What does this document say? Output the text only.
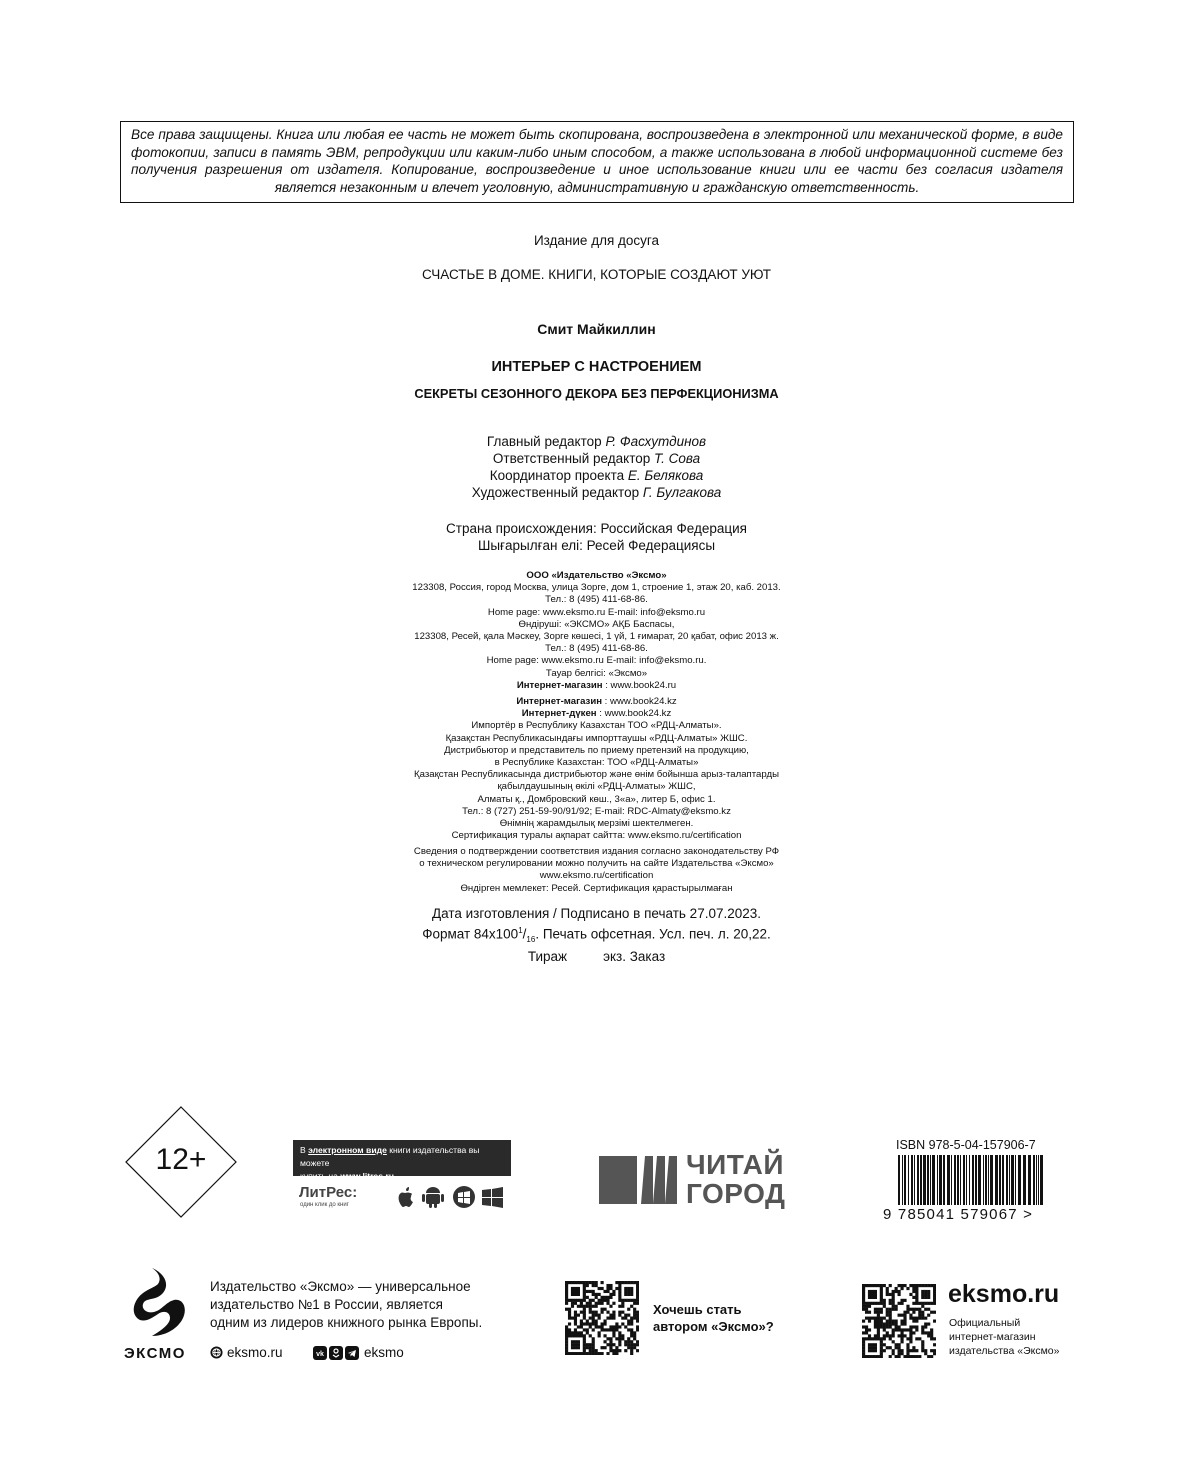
Все права защищены. Книга или любая ее часть не может быть скопирована, воспроизведена в электронной или механической форме, в виде фотокопии, записи в память ЭВМ, репродукции или каким-либо иным способом, а также использована в любой информационной системе без получения разрешения от издателя. Копирование, воспроизведение и иное использование книги или ее части без согласия издателя является незаконным и влечет уголовную, административную и гражданскую ответственность.
Издание для досуга
СЧАСТЬЕ В ДОМЕ. КНИГИ, КОТОРЫЕ СОЗДАЮТ УЮТ
Смит Майкиллин
ИНТЕРЬЕР С НАСТРОЕНИЕМ
СЕКРЕТЫ СЕЗОННОГО ДЕКОРА БЕЗ ПЕРФЕКЦИОНИЗМА
Главный редактор Р. Фасхутдинов
Ответственный редактор Т. Сова
Координатор проекта Е. Белякова
Художественный редактор Г. Булгакова
Страна происхождения: Российская Федерация
Шығарылған елі: Ресей Федерациясы
ООО «Издательство «Эксмо»
123308, Россия, город Москва, улица Зорге, дом 1, строение 1, этаж 20, каб. 2013.
Тел.: 8 (495) 411-68-86.
Home page: www.eksmo.ru E-mail: info@eksmo.ru
Өндіруші: «ЭКСМО» АҚБ Баспасы,
123308, Ресей, қала Мәскеу, Зорге көшесі, 1 үй, 1 ғимарат, 20 қабат, офис 2013 ж.
Тел.: 8 (495) 411-68-86.
Home page: www.eksmo.ru E-mail: info@eksmo.ru.
Тауар белгісі: «Эксмо»
Интернет-магазин : www.book24.ru
Интернет-магазин : www.book24.kz
Интернет-дүкен : www.book24.kz
Импортёр в Республику Казахстан ТОО «РДЦ-Алматы».
Қазақстан Республикасындағы импорттаушы «РДЦ-Алматы» ЖШС.
Дистрибьютор и представитель по приему претензий на продукцию,
в Республике Казахстан: ТОО «РДЦ-Алматы»
Қазақстан Республикасында дистрибьютор және өнім бойынша арыз-талаптарды
қабылдаушының өкілі «РДЦ-Алматы» ЖШС,
Алматы қ., Домбровский көш., 3«а», литер Б, офис 1.
Тел.: 8 (727) 251-59-90/91/92; E-mail: RDC-Almaty@eksmo.kz
Өнімнің жарамдылық мерзімі шектелмеген.
Сертификация туралы ақпарат сайтта: www.eksmo.ru/certification
Сведения о подтверждении соответствия издания согласно законодательству РФ
о техническом регулировании можно получить на сайте Издательства «Эксмо»
www.eksmo.ru/certification
Өндірген мемлекет: Ресей. Сертификация қарастырылмаған
Дата изготовления / Подписано в печать 27.07.2023.
Формат $84x100^1/_{16}$. Печать офсетная. Усл. печ. л. 20,22.
Тираж	экз. Заказ
12+	В электронном виде книги издательства вы можете
купить на www.litres.ru
ЛитРес:
один клик до книг
ЧИТАЙ
ГОРОД
ISBN 978-5-04-157906-7
9 785041 579067 >
ЭКСМО
Издательство «Эксмо» — универсальное
издательство №1 в России, является
одним из лидеров книжного рынка Европы.
eksmo.ru	vk	eksmo
Хочешь стать
автором «Эксмо»?
eksmo.ru
Официальный
интернет-магазин
издательства «Эксмо»
